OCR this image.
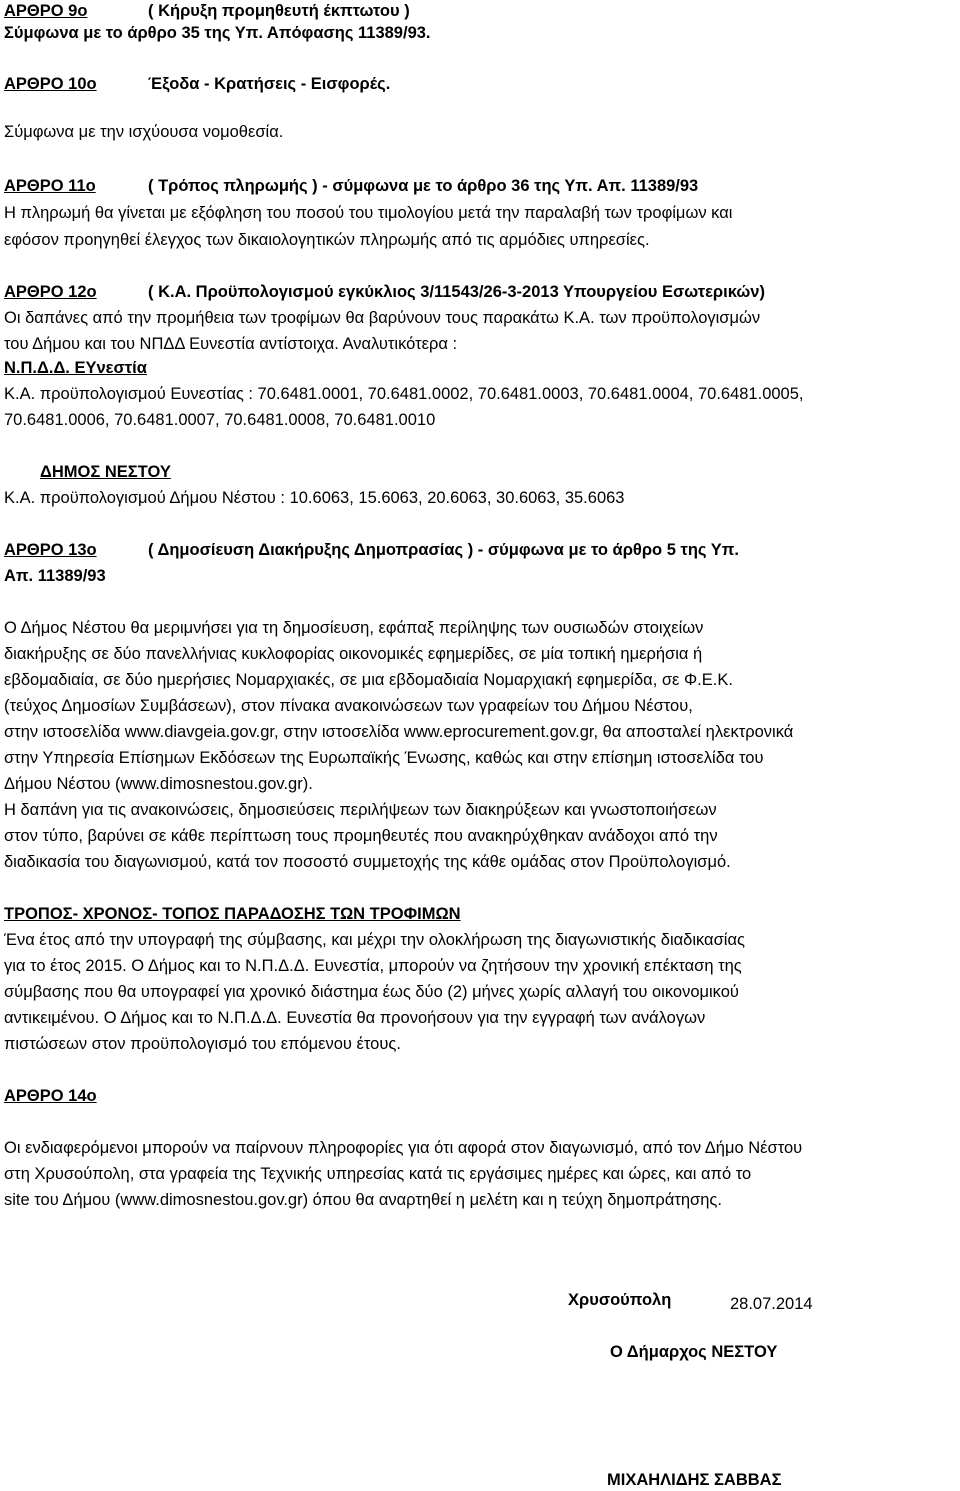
ΑΡΘΡΟ 9ο	( Κήρυξη προμηθευτή έκπτωτου )
Σύμφωνα με το άρθρο 35 της Υπ. Απόφασης 11389/93.
ΑΡΘΡΟ 10ο	Έξοδα - Κρατήσεις - Εισφορές.
Σύμφωνα με την ισχύουσα νομοθεσία.
ΑΡΘΡΟ 11ο	( Τρόπος πληρωμής ) - σύμφωνα με το άρθρο 36 της Υπ. Απ. 11389/93
Η πληρωμή θα γίνεται με εξόφληση του ποσού του τιμολογίου μετά την παραλαβή των τροφίμων και
εφόσον προηγηθεί έλεγχος των δικαιολογητικών πληρωμής από τις αρμόδιες υπηρεσίες.
ΑΡΘΡΟ 12ο	( Κ.Α. Προϋπολογισμού εγκύκλιος 3/11543/26-3-2013 Υπουργείου Εσωτερικών)
Οι δαπάνες από την προμήθεια των τροφίμων θα βαρύνουν τους παρακάτω Κ.Α. των προϋπολογισμών
του Δήμου και του ΝΠΔΔ Ευνεστία αντίστοιχα. Αναλυτικότερα :
Ν.Π.Δ.Δ. ΕΥνεστία
Κ.Α. προϋπολογισμού Ευνεστίας : 70.6481.0001, 70.6481.0002, 70.6481.0003, 70.6481.0004, 70.6481.0005,
70.6481.0006, 70.6481.0007, 70.6481.0008, 70.6481.0010
ΔΗΜΟΣ ΝΕΣΤΟΥ
Κ.Α. προϋπολογισμού Δήμου Νέστου : 10.6063, 15.6063, 20.6063, 30.6063, 35.6063
ΑΡΘΡΟ 13ο	( Δημοσίευση Διακήρυξης Δημοπρασίας ) - σύμφωνα με το άρθρο 5 της Υπ.
Απ. 11389/93
Ο Δήμος Νέστου θα μεριμνήσει για τη δημοσίευση, εφάπαξ περίληψης των ουσιωδών στοιχείων
διακήρυξης σε δύο πανελλήνιας κυκλοφορίας οικονομικές εφημερίδες, σε μία τοπική ημερήσια ή
εβδομαδιαία, σε δύο ημερήσιες Νομαρχιακές, σε μια εβδομαδιαία Νομαρχιακή εφημερίδα, σε Φ.Ε.Κ.
(τεύχος Δημοσίων Συμβάσεων), στον πίνακα ανακοινώσεων των γραφείων του Δήμου Νέστου,
στην ιστοσελίδα www.diavgeia.gov.gr, στην ιστοσελίδα www.eprocurement.gov.gr, θα αποσταλεί ηλεκτρονικά
στην Υπηρεσία Επίσημων Εκδόσεων της Ευρωπαϊκής Ένωσης, καθώς και στην επίσημη ιστοσελίδα του
Δήμου Νέστου (www.dimosnestou.gov.gr).
Η δαπάνη για τις ανακοινώσεις, δημοσιεύσεις περιλήψεων των διακηρύξεων και γνωστοποιήσεων
στον τύπο, βαρύνει σε κάθε περίπτωση τους προμηθευτές που ανακηρύχθηκαν ανάδοχοι από την
διαδικασία του διαγωνισμού, κατά τον ποσοστό συμμετοχής της κάθε ομάδας στον Προϋπολογισμό.
ΤΡΟΠΟΣ- ΧΡΟΝΟΣ- ΤΟΠΟΣ ΠΑΡΑΔΟΣΗΣ ΤΩΝ ΤΡΟΦΙΜΩΝ
Ένα έτος από την υπογραφή της σύμβασης, και μέχρι την ολοκλήρωση της διαγωνιστικής διαδικασίας
για το έτος 2015. Ο Δήμος και το Ν.Π.Δ.Δ. Ευνεστία, μπορούν να ζητήσουν την χρονική επέκταση της
σύμβασης που θα υπογραφεί για χρονικό διάστημα έως δύο (2) μήνες χωρίς αλλαγή του οικονομικού
αντικειμένου. Ο Δήμος και το Ν.Π.Δ.Δ. Ευνεστία θα προνοήσουν για την εγγραφή των ανάλογων
πιστώσεων στον προϋπολογισμό του επόμενου έτους.
ΑΡΘΡΟ 14ο
Οι ενδιαφερόμενοι μπορούν να παίρνουν πληροφορίες για ότι αφορά στον διαγωνισμό, από τον Δήμο Νέστου
στη Χρυσούπολη, στα γραφεία της Τεχνικής υπηρεσίας κατά τις εργάσιμες ημέρες και ώρες, και από το
site του Δήμου (www.dimosnestou.gov.gr) όπου θα αναρτηθεί η μελέτη και η τεύχη δημοπράτησης.
Χρυσούπολη	28.07.2014
Ο Δήμαρχος ΝΕΣΤΟΥ
ΜΙΧΑΗΛΙΔΗΣ ΣΑΒΒΑΣ
